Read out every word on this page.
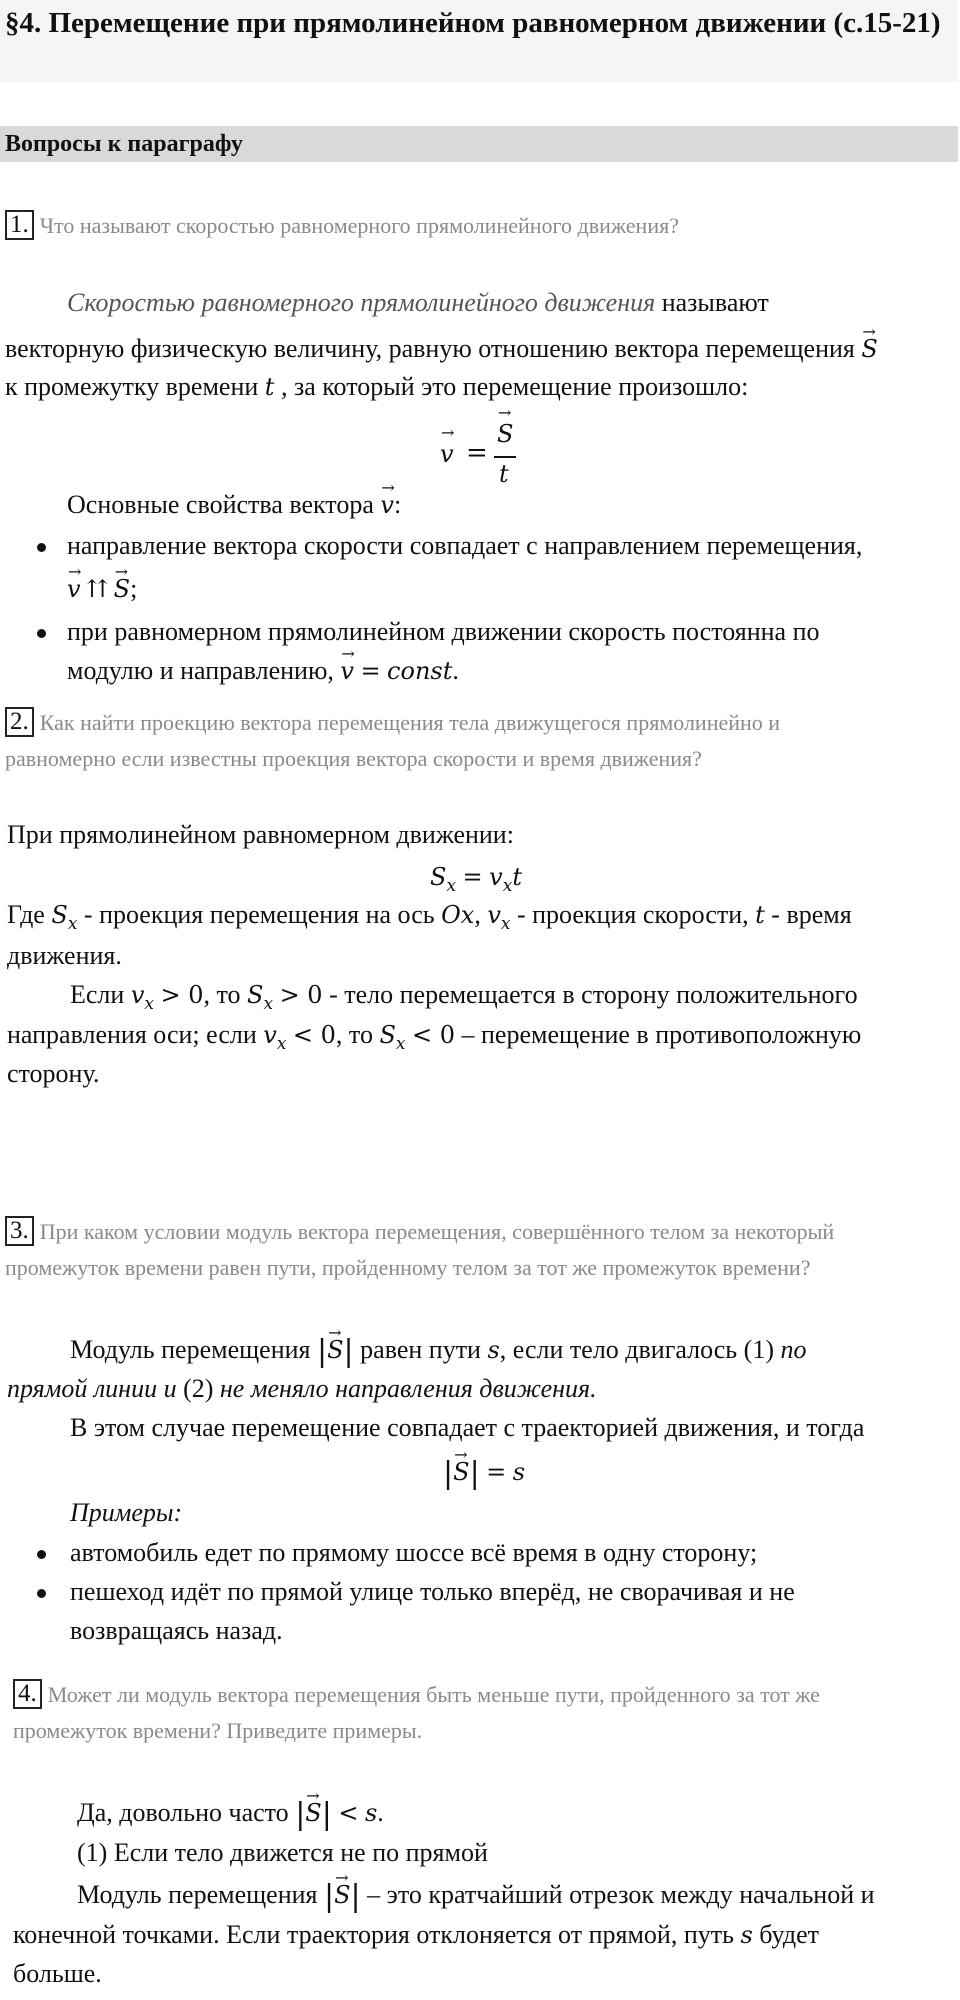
§4. Перемещение при прямолинейном равномерном движении (с.15-21)
Вопросы к параграфу
1. Что называют скоростью равномерного прямолинейного движения?
Скоростью равномерного прямолинейного движения называют
векторную физическую величину, равную отношению вектора перемещения → S
к промежутку времени t , за который это перемещение произошло:
→ v =
→ S
t
Основные свойства вектора → v:
направление вектора скорости совпадает с направлением перемещения,
→ v ⇈ → S;
при равномерном прямолинейном движении скорость постоянна по
модулю и направлению, → v = const.
2. Как найти проекцию вектора перемещения тела движущегося прямолинейно и
равномерно если известны проекция вектора скорости и время движения?
При прямолинейном равномерном движении:
$S_x = v_xt$
Где $S_x$ - проекция перемещения на ось Ox, $v_x$ - проекция скорости, t - время
движения.
Если $v_x > 0$, то $S_x > 0$ - тело перемещается в сторону положительного
направления оси; если $v_x < 0$, то $S_x < 0$ – перемещение в противоположную
сторону.
3. При каком условии модуль вектора перемещения, совершённого телом за некоторый
промежуток времени равен пути, пройденному телом за тот же промежуток времени?
Модуль перемещения |→ S| равен пути s, если тело двигалось (1) по
прямой линии и (2) не меняло направления движения.
В этом случае перемещение совпадает с траекторией движения, и тогда
|→ S| = s
Примеры:
автомобиль едет по прямому шоссе всё время в одну сторону;
пешеход идёт по прямой улице только вперёд, не сворачивая и не
возвращаясь назад.
4. Может ли модуль вектора перемещения быть меньше пути, пройденного за тот же
промежуток времени? Приведите примеры.
Да, довольно часто |→ S| < s.
(1) Если тело движется не по прямой
Модуль перемещения |→ S| – это кратчайший отрезок между начальной и
конечной точками. Если траектория отклоняется от прямой, путь s будет
больше.
